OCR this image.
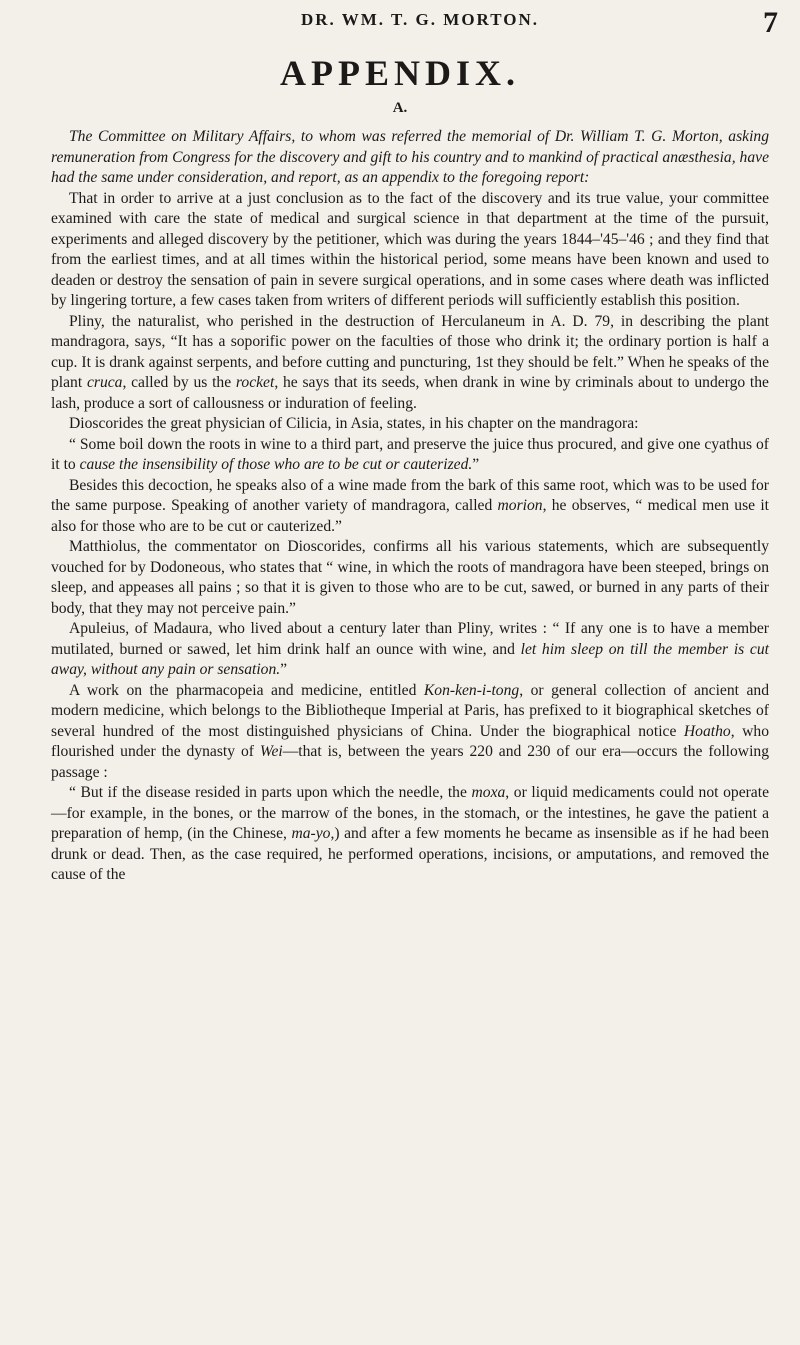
DR. WM. T. G. MORTON.	7
APPENDIX.
A.

The Committee on Military Affairs, to whom was referred the memorial of Dr. William T. G. Morton, asking remuneration from Congress for the discovery and gift to his country and to mankind of practical anæsthesia, have had the same under consideration, and report, as an appendix to the foregoing report:

That in order to arrive at a just conclusion as to the fact of the discovery and its true value, your committee examined with care the state of medical and surgical science in that department at the time of the pursuit, experiments and alleged discovery by the petitioner, which was during the years 1844–'45–'46 ; and they find that from the earliest times, and at all times within the historical period, some means have been known and used to deaden or destroy the sensation of pain in severe surgical operations, and in some cases where death was inflicted by lingering torture, a few cases taken from writers of different periods will sufficiently establish this position.

Pliny, the naturalist, who perished in the destruction of Herculaneum in A. D. 79, in describing the plant mandragora, says, “It has a soporific power on the faculties of those who drink it; the ordinary portion is half a cup. It is drank against serpents, and before cutting and puncturing, 1st they should be felt.” When he speaks of the plant cruca, called by us the rocket, he says that its seeds, when drank in wine by criminals about to undergo the lash, produce a sort of callousness or induration of feeling.

Dioscorides the great physician of Cilicia, in Asia, states, in his chapter on the mandragora:

“ Some boil down the roots in wine to a third part, and preserve the juice thus procured, and give one cyathus of it to cause the insensibility of those who are to be cut or cauterized.”

Besides this decoction, he speaks also of a wine made from the bark of this same root, which was to be used for the same purpose. Speaking of another variety of mandragora, called morion, he observes, “ medical men use it also for those who are to be cut or cauterized.”

Matthiolus, the commentator on Dioscorides, confirms all his various statements, which are subsequently vouched for by Dodoneous, who states that “ wine, in which the roots of mandragora have been steeped, brings on sleep, and appeases all pains ; so that it is given to those who are to be cut, sawed, or burned in any parts of their body, that they may not perceive pain.”

Apuleius, of Madaura, who lived about a century later than Pliny, writes : “ If any one is to have a member mutilated, burned or sawed, let him drink half an ounce with wine, and let him sleep on till the member is cut away, without any pain or sensation.”

A work on the pharmacopeia and medicine, entitled Kon-ken-i-tong, or general collection of ancient and modern medicine, which belongs to the Bibliotheque Imperial at Paris, has prefixed to it biographical sketches of several hundred of the most distinguished physicians of China. Under the biographical notice Hoatho, who flourished under the dynasty of Wei—that is, between the years 220 and 230 of our era—occurs the following passage :

“ But if the disease resided in parts upon which the needle, the moxa, or liquid medicaments could not operate—for example, in the bones, or the marrow of the bones, in the stomach, or the intestines, he gave the patient a preparation of hemp, (in the Chinese, ma-yo,) and after a few moments he became as insensible as if he had been drunk or dead. Then, as the case required, he performed operations, incisions, or amputations, and removed the cause of the
